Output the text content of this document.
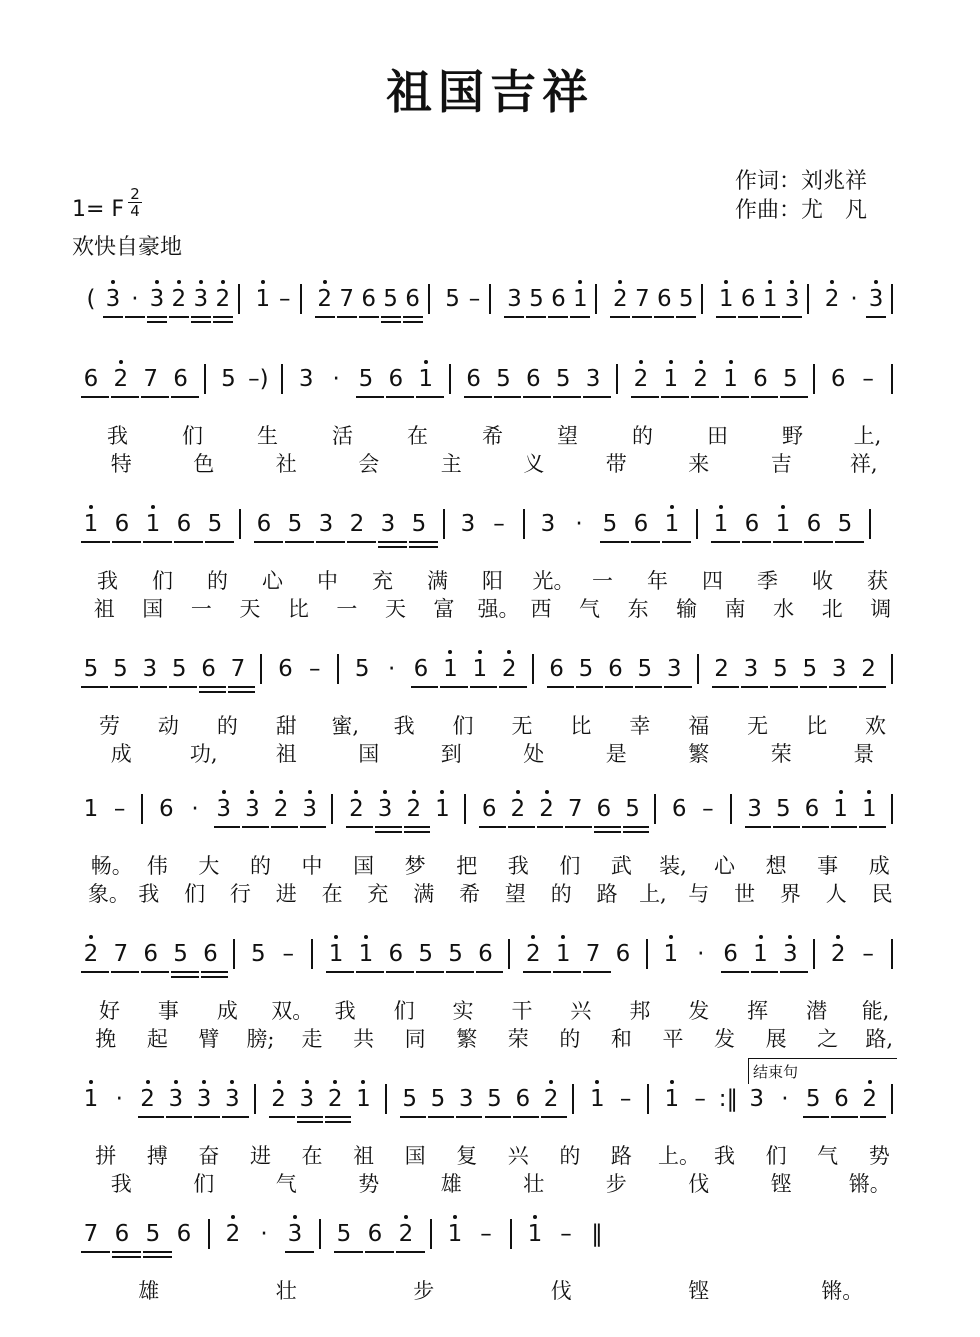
祖国吉祥
作词：刘兆祥
作曲：尤　凡
1= F
2
4
欢快自豪地
结束句
( 3 · 3 2 3 2 1 – 2 7 6 5 6 5 – 3 5 6 1 2 7 6 5 1 6 1 3 2 · 3
6 2 7 6 5 –) 3 · 5 6 1 6 5 6 5 3 2 1 2 1 6 5 6 –
我	们	生	活	在	希	望	的	田	野 上,
特	色	社	会	主	义	带	来	吉	祥,
1 6 1 6 5 6 5 3 2 3 5 3 – 3 · 5 6 1 1 6 1 6 5
我 们 的 心 中 充 满 阳 光。 一 年 四 季 收 获
祖 国 一 天 比 一 天 富 强。 西 气 东 输 南 水 北 调
5 5 3 5 6 7 6 – 5 · 6 1 1 2 6 5 6 5 3 2 3 5 5 3 2
劳 动 的 甜 蜜, 我 们 无 比 幸 福 无 比 欢
成	功,	祖	国	到	处	是	繁	荣	景
1 – 6 · 3 3 2 3 2 3 2 1 6 2 2 7 6 5 6 – 3 5 6 1 1
畅。 伟 大 的 中 国 梦 把 我 们 武 装, 心 想 事 成
象。 我 们 行 进 在 充 满 希 望 的 路 上, 与 世 界 人 民
2 7 6 5 6 5 – 1 1 6 5 5 6 2 1 7 6 1 · 6 1 3 2 –
好 事 成 双。 我 们 实 干 兴 邦 发 挥 潜 能,
挽 起 臂 膀; 走 共 同 繁 荣 的 和 平 发 展 之 路,
1 · 2 3 3 3 2 3 2 1 5 5 3 5 6 2 1 – 1 – :‖ 3 · 5 6 2
拼 搏 奋 进 在 祖 国 复 兴 的 路 上。 我 们 气 势
我	们	气	势	雄	壮	步	伐	铿	锵。
7 6 5 6 2 · 3 5 6 2 1 – 1 – ‖
雄	壮	步	伐	铿	锵。
